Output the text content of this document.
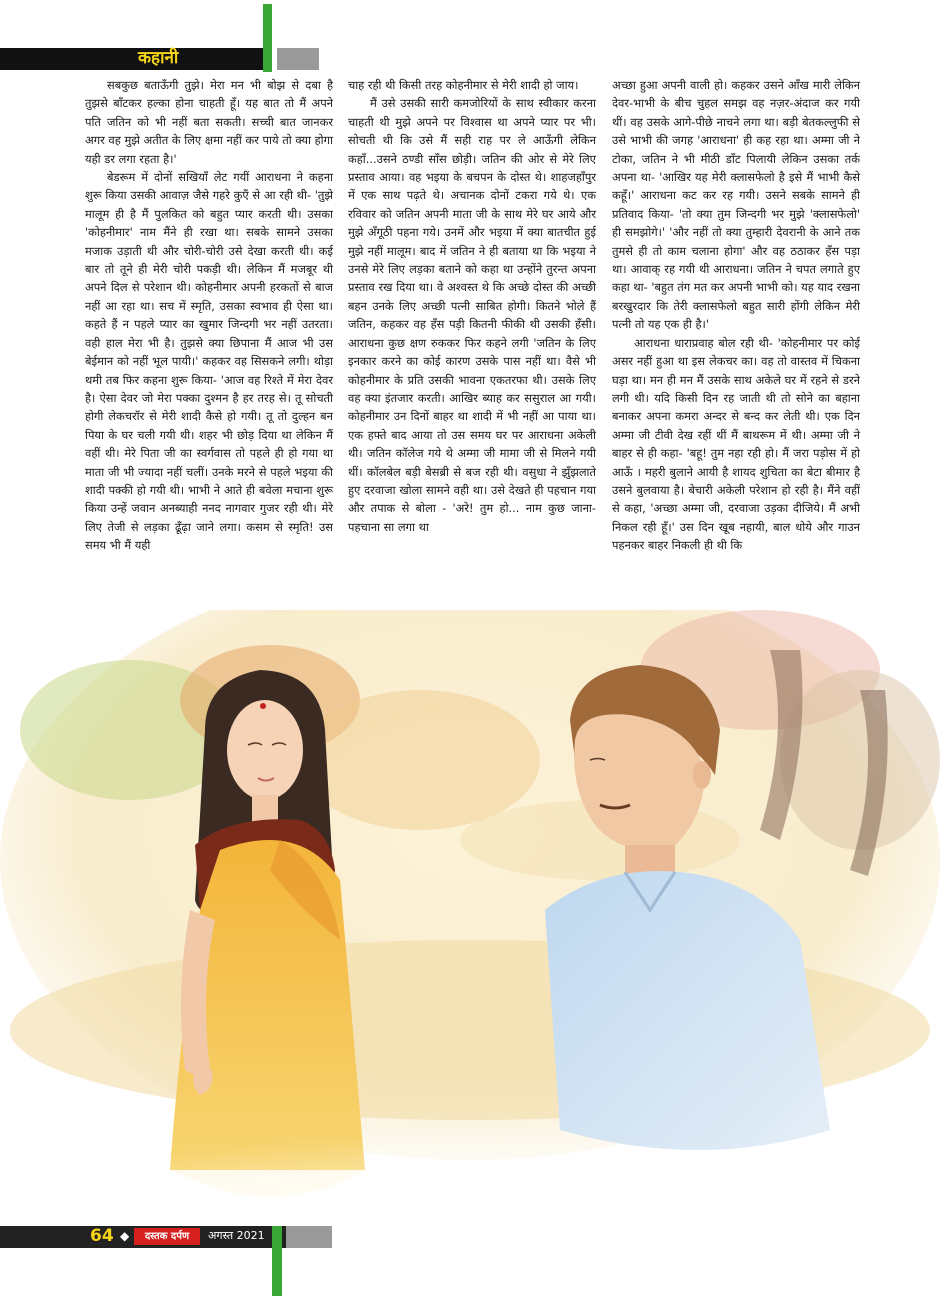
कहानी

सबकुछ बताऊँगी तुझे। मेरा मन भी बोझ से दबा है तुझसे बाँटकर हल्का होना चाहती हूँ। यह बात तो मैं अपने पति जतिन को भी नहीं बता सकती। सच्ची बात जानकर अगर वह मुझे अतीत के लिए क्षमा नहीं कर पाये तो क्या होगा यही डर लगा रहता है।'

बेडरूम में दोनों सखियाँ लेट गयीं आराधना ने कहना शुरू किया उसकी आवाज़ जैसे गहरे कुएँ से आ रही थी- 'तुझे मालूम ही है मैं पुलकित को बहुत प्यार करती थी। उसका 'कोहनीमार' नाम मैंने ही रखा था। सबके सामने उसका मजाक उड़ाती थी और चोरी-चोरी उसे देखा करती थी। कई बार तो तूने ही मेरी चोरी पकड़ी थी। लेकिन मैं मजबूर थी अपने दिल से परेशान थी। कोहनीमार अपनी हरकतों से बाज नहीं आ रहा था। सच में स्मृति, उसका स्वभाव ही ऐसा था। कहते हैं न पहले प्यार का खुमार जिन्दगी भर नहीं उतरता। वही हाल मेरा भी है। तुझसे क्या छिपाना मैं आज भी उस बेईमान को नहीं भूल पायी।' कहकर वह सिसकने लगी। थोड़ा थमी तब फिर कहना शुरू किया- 'आज वह रिश्ते में मेरा देवर है। ऐसा देवर जो मेरा पक्का दुश्मन है हर तरह से। तू सोचती होगी लेकचरॉर से मेरी शादी कैसे हो गयी। तू तो दुल्हन बन पिया के घर चली गयी थी। शहर भी छोड़ दिया था लेकिन मैं वहीं थी। मेरे पिता जी का स्वर्गवास तो पहले ही हो गया था माता जी भी ज्यादा नहीं चलीं। उनके मरने से पहले भइया की शादी पक्की हो गयी थी। भाभी ने आते ही बवेला मचाना शुरू किया उन्हें जवान अनब्याही ननद नागवार गुजर रही थी। मेरे लिए तेजी से लड़का ढूँढ़ा जाने लगा। कसम से स्मृति! उस समय भी मैं यही

चाह रही थी किसी तरह कोहनीमार से मेरी शादी हो जाय।

मैं उसे उसकी सारी कमजोरियों के साथ स्वीकार करना चाहती थी मुझे अपने पर विश्वास था अपने प्यार पर भी। सोचती थी कि उसे मैं सही राह पर ले आऊँगी लेकिन कहाँ...उसने ठण्डी साँस छोड़ी। जतिन की ओर से मेरे लिए प्रस्ताव आया। वह भइया के बचपन के दोस्त थे। शाहजहाँपुर में एक साथ पढ़ते थे। अचानक दोनों टकरा गये थे। एक रविवार को जतिन अपनी माता जी के साथ मेरे घर आये और मुझे अँगूठी पहना गये। उनमें और भइया में क्या बातचीत हुई मुझे नहीं मालूम। बाद में जतिन ने ही बताया था कि भइया ने उनसे मेरे लिए लड़का बताने को कहा था उन्होंने तुरन्त अपना प्रस्ताव रख दिया था। वे अश्वस्त थे कि अच्छे दोस्त की अच्छी बहन उनके लिए अच्छी पत्नी साबित होगी। कितने भोले हैं जतिन, कहकर वह हँस पड़ी कितनी फीकी थी उसकी हँसी। आराधना कुछ क्षण रुककर फिर कहने लगी 'जतिन के लिए इनकार करने का कोई कारण उसके पास नहीं था। वैसे भी कोहनीमार के प्रति उसकी भावना एकतरफा थी। उसके लिए वह क्या इंतजार करती। आखिर ब्याह कर ससुराल आ गयी। कोहनीमार उन दिनों बाहर था शादी में भी नहीं आ पाया था। एक हफ्ते बाद आया तो उस समय घर पर आराधना अकेली थी। जतिन कॉलेज गये थे अम्मा जी मामा जी से मिलने गयी थीं। कॉलबेल बड़ी बेसब्री से बज रही थी। वसुधा ने झुँझलाते हुए दरवाजा खोला सामने वही था। उसे देखते ही पहचान गया और तपाक से बोला - 'अरे! तुम हो... नाम कुछ जाना-पहचाना सा लगा था

अच्छा हुआ अपनी वाली हो। कहकर उसने आँख मारी लेकिन देवर-भाभी के बीच चुहल समझ वह नज़र-अंदाज कर गयी थीं। वह उसके आगे-पीछे नाचने लगा था। बड़ी बेतकल्लुफी से उसे भाभी की जगह 'आराधना' ही कह रहा था। अम्मा जी ने टोका, जतिन ने भी मीठी डाँट पिलायी लेकिन उसका तर्क अपना था- 'आखिर यह मेरी क्लासफेलो है इसे मैं भाभी कैसे कहूँ।' आराधना कट कर रह गयी। उसने सबके सामने ही प्रतिवाद किया- 'तो क्या तुम जिन्दगी भर मुझे 'क्लासफेलो' ही समझोगे।' 'और नहीं तो क्या तुम्हारी देवरानी के आने तक तुमसे ही तो काम चलाना होगा' और वह ठठाकर हँस पड़ा था। आवाक् रह गयी थी आराधना। जतिन ने चपत लगाते हुए कहा था- 'बहुत तंग मत कर अपनी भाभी को। यह याद रखना बरखुरदार कि तेरी क्लासफेलो बहुत सारी होंगी लेकिन मेरी पत्नी तो यह एक ही है।'

आराधना धाराप्रवाह बोल रही थी- 'कोहनीमार पर कोई असर नहीं हुआ था इस लेकचर का। वह तो वास्तव में चिकना घड़ा था। मन ही मन मैं उसके साथ अकेले घर में रहने से डरने लगी थी। यदि किसी दिन रह जाती थी तो सोने का बहाना बनाकर अपना कमरा अन्दर से बन्द कर लेती थी। एक दिन अम्मा जी टीवी देख रहीं थीं मैं बाथरूम में थी। अम्मा जी ने बाहर से ही कहा- 'बहू! तुम नहा रही हो। मैं जरा पड़ोस में हो आऊँ । महरी बुलाने आयी है शायद शुचिता का बेटा बीमार है उसने बुलवाया है। बेचारी अकेली परेशान हो रही है। मैंने वहीं से कहा, 'अच्छा अम्मा जी, दरवाजा उड़का दीजिये। मैं अभी निकल रही हूँ।' उस दिन खूब नहायी, बाल धोये और गाउन पहनकर बाहर निकली ही थी कि

64 ◆	दस्तक दर्पण	अगस्त 2021
